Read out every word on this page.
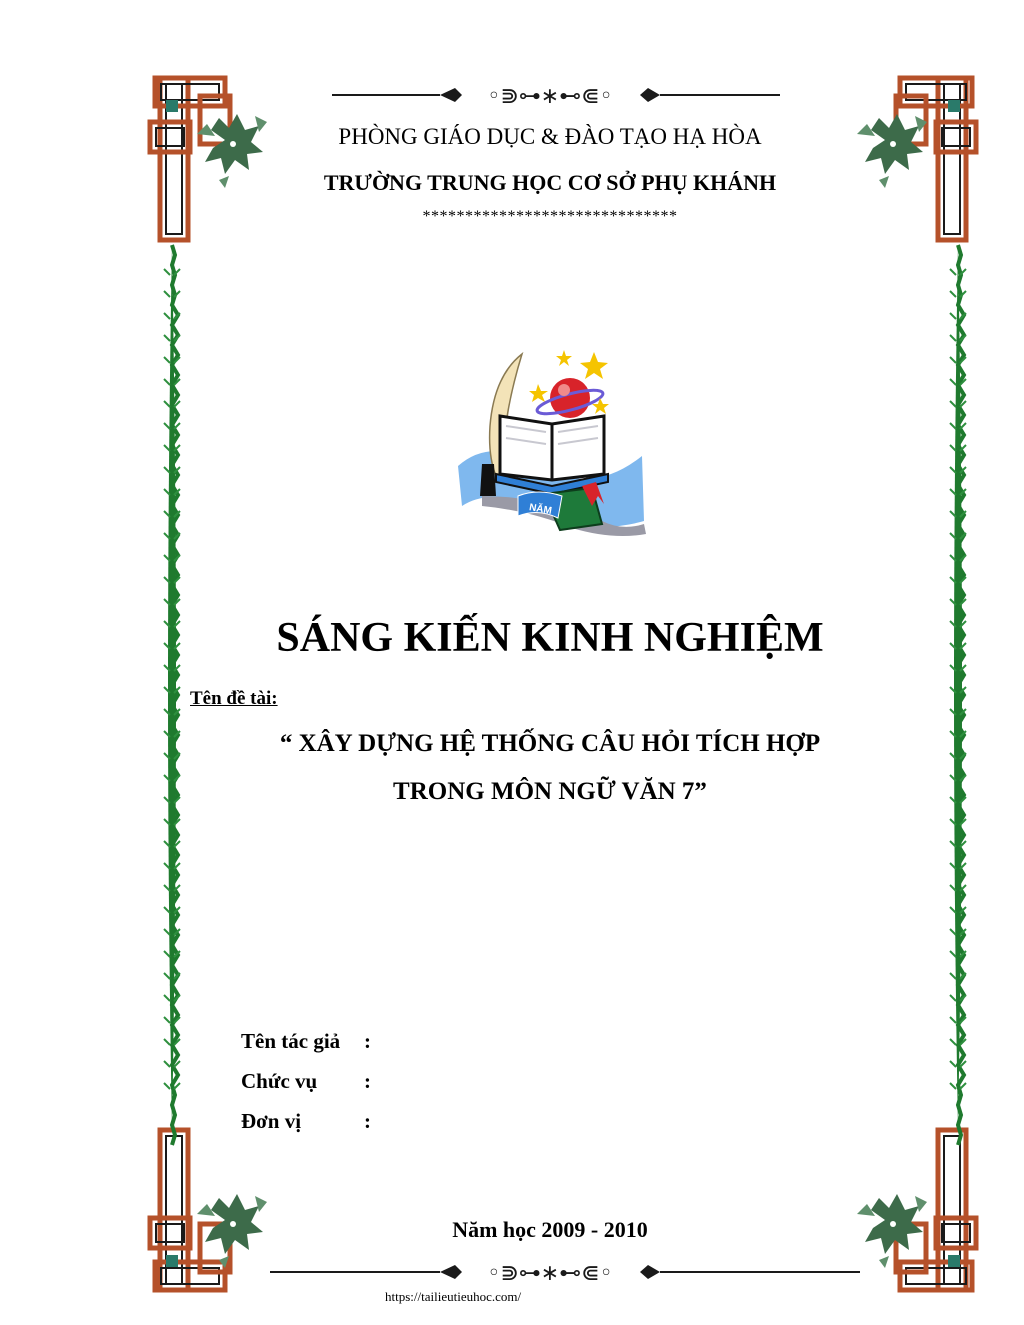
◦⋑⊶∗⊷⋐◦
◦⋑⊶∗⊷⋐◦
PHÒNG GIÁO DỤC & ĐÀO TẠO HẠ HÒA
TRƯỜNG TRUNG HỌC CƠ SỞ PHỤ KHÁNH
******************************
NĂM
SÁNG KIẾN KINH NGHIỆM
Tên đề tài:
“ XÂY DỰNG HỆ THỐNG CÂU HỎI TÍCH HỢP
TRONG MÔN NGỮ VĂN 7”
Tên tác giả :
Chức vụ :
Đơn vị	:
Năm học 2009 - 2010
https://tailieutieuhoc.com/
